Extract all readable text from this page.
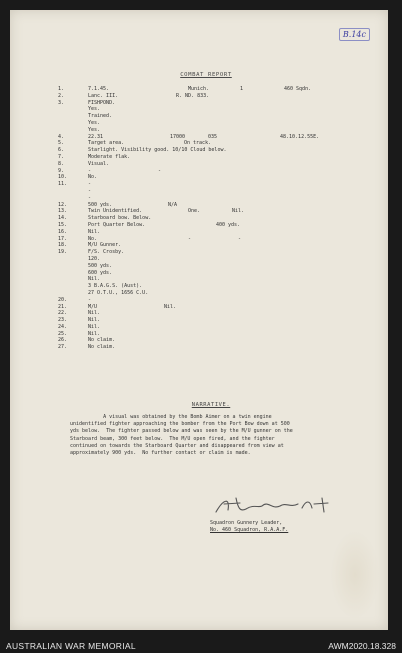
B.14c
COMBAT REPORT
1.	7.1.45.	Munich.	1	460 Sqdn.
2.	Lanc. III.	R. ND. 833.
3.	FISHPOND.
Yes.
Trained.
Yes.
Yes.
4.	22.31	17000	035	48.10.12.55E.
5.	Target area.	On track.
6.	Starlight. Visibility good. 10/10 Cloud below.
7.	Moderate flak.
8.	Visual.
9.	-	-
10.	No.
11.	-
-
-
12.	500 yds.	N/A
13.	Twin Unidentified.	One.	Nil.
14.	Starboard bow. Below.
15.	Port Quarter Below.	400 yds.
16.	Nil.
17.	No.	-	-
18.	M/U Gunner.
19.	F/S. Crosby.
120.
500 yds.
600 yds.
Nil.
3 B.A.G.S. (Aust).
27 O.T.U., 1656 C.U.
20.	-
21.	M/U	Nil.
22.	Nil.
23.	Nil.
24.	Nil.
25.	Nil.
26.	No claim.
27.	No claim.
NARRATIVE.

A visual was obtained by the Bomb Aimer on a twin engine

unidentified fighter approaching the bomber from the Port Bow down at 500

yds below.  The fighter passed below and was seen by the M/U gunner on the

Starboard beam, 300 feet below.  The M/U open fired, and the fighter

continued on towards the Starboard Quarter and disappeared from view at

approximately 900 yds.  No further contact or claim is made.

Squadron Gunnery Leader,
No. 460 Squadron, R.A.A.F.
AUSTRALIAN WAR MEMORIAL	AWM2020.18.328
